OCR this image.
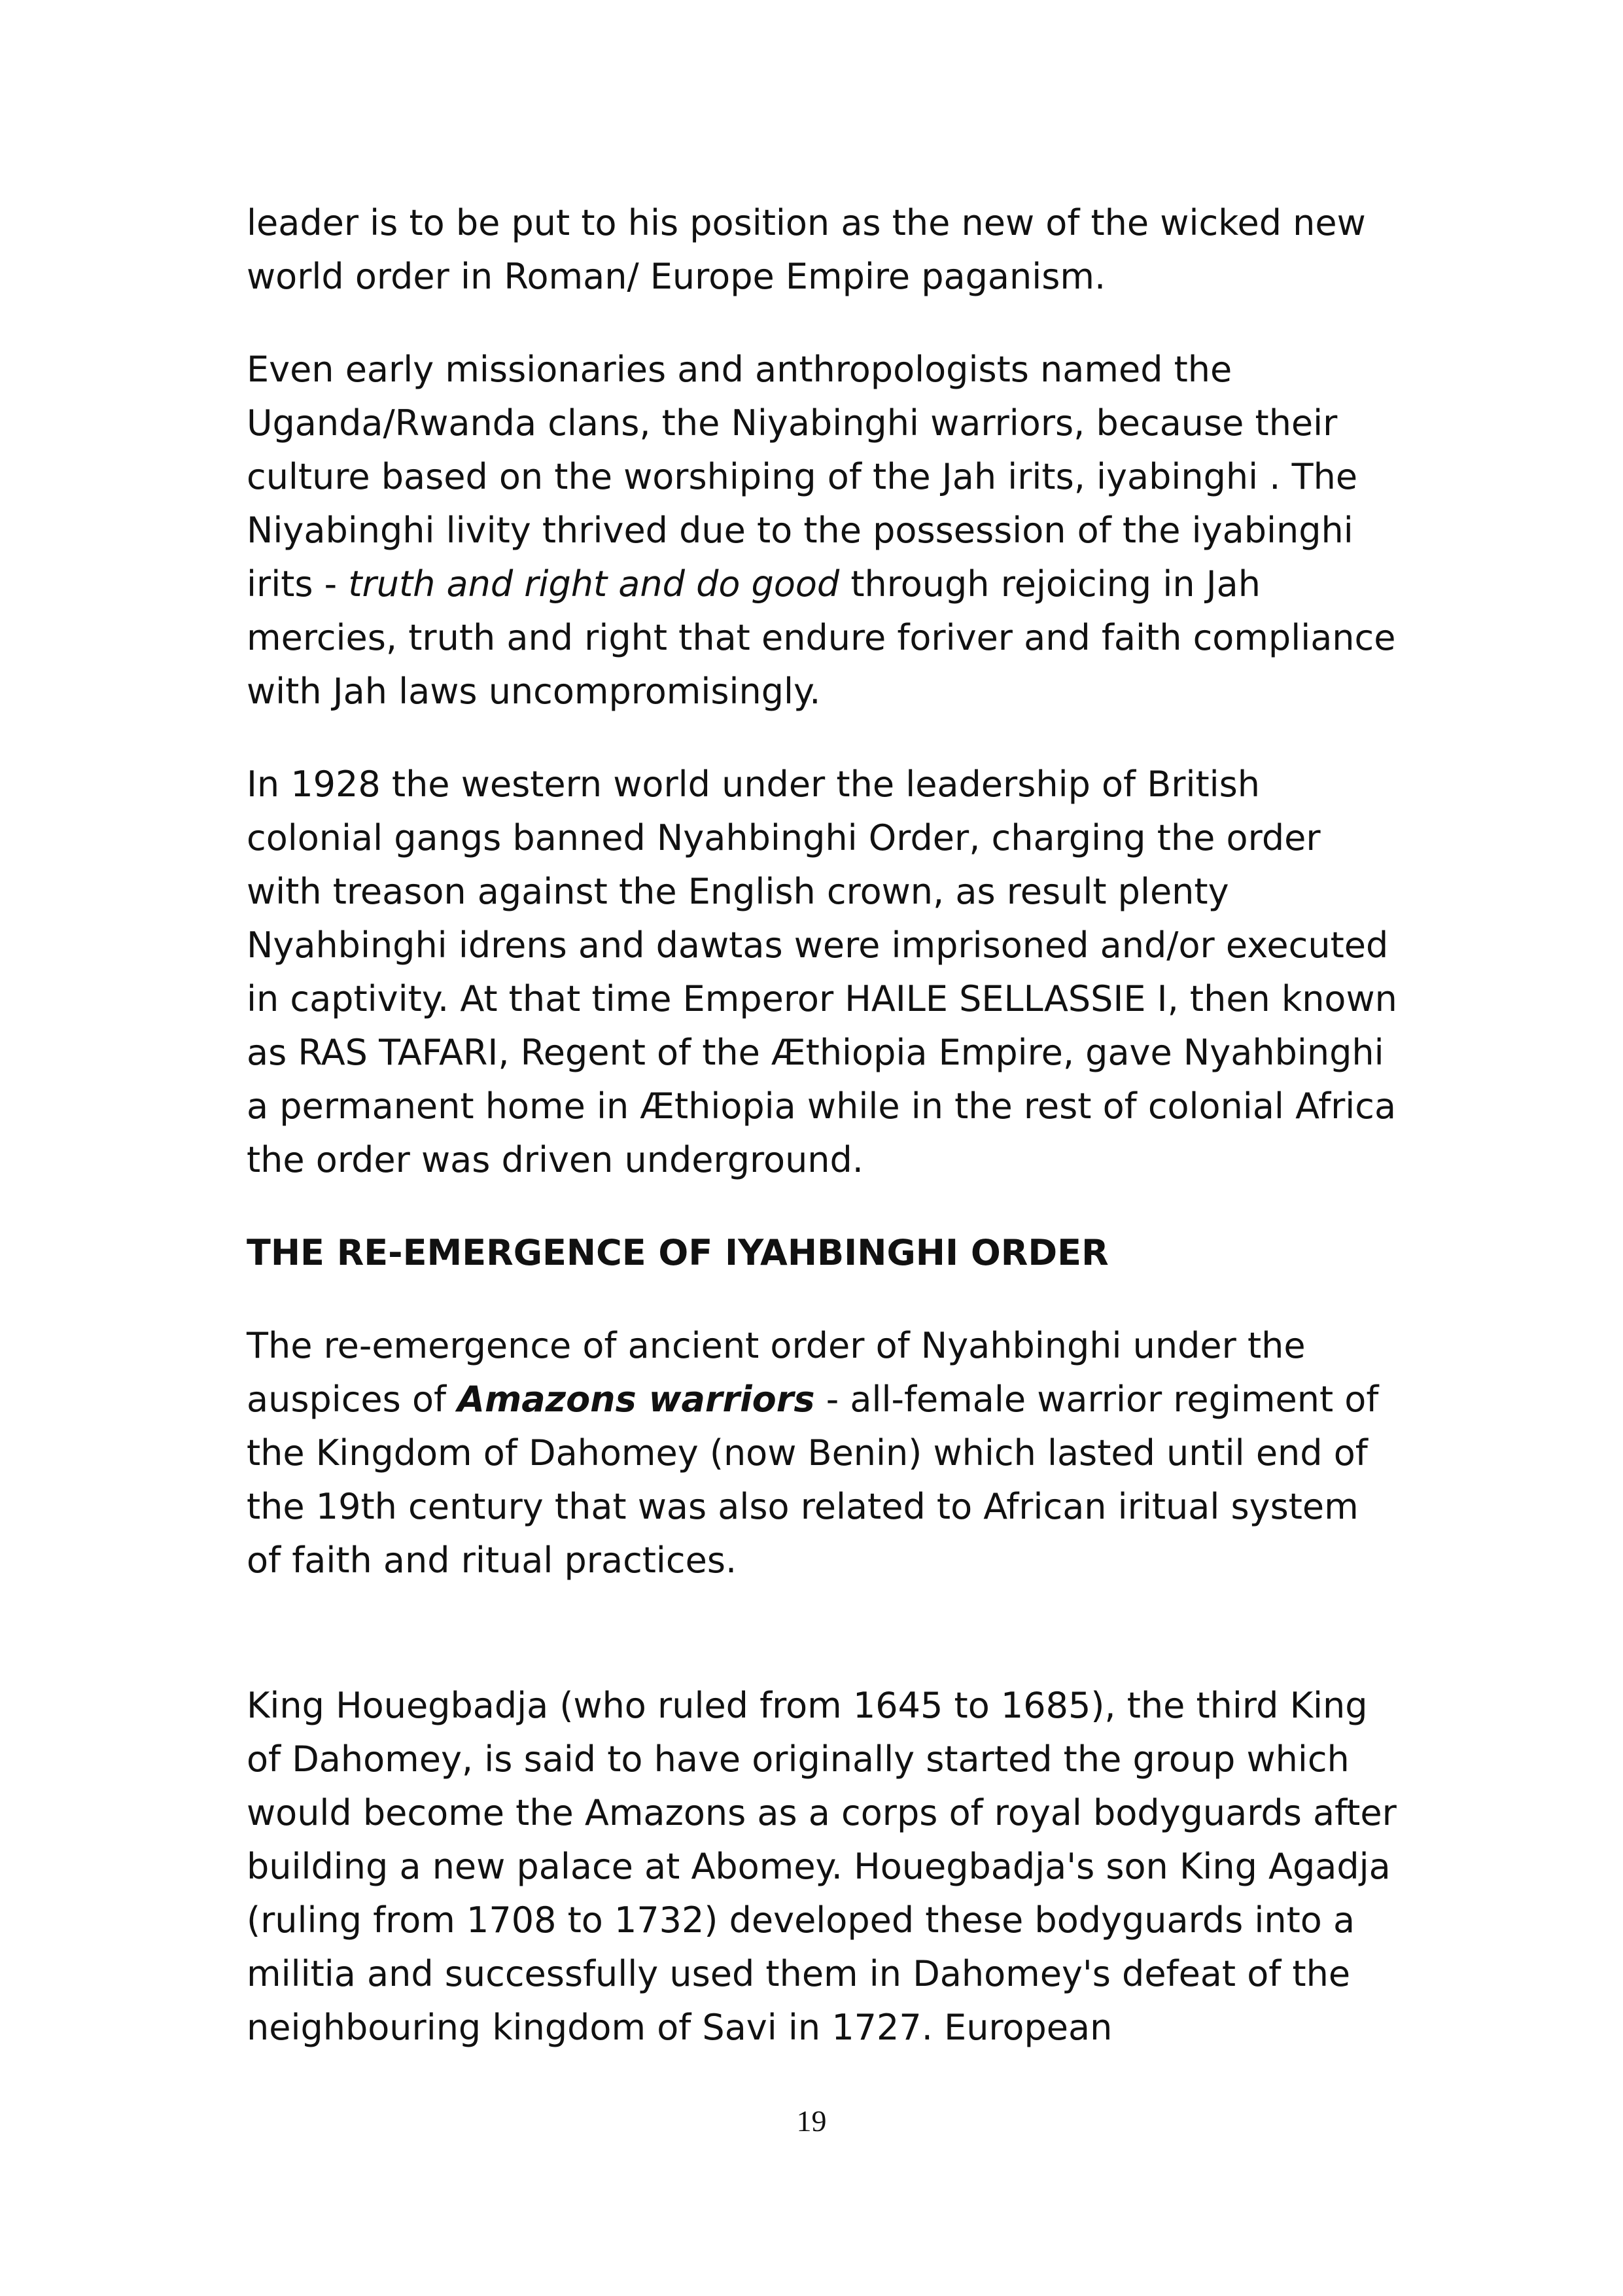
leader is to be put to his position as the new of the wicked new world order in Roman/ Europe Empire paganism.

Even early missionaries and anthropologists named the Uganda/Rwanda clans, the Niyabinghi warriors, because their culture based on the worshiping of the Jah irits, iyabinghi . The Niyabinghi livity thrived due to the possession of the iyabinghi irits - truth and right and do good through rejoicing in Jah mercies, truth and right that endure foriver and faith compliance with Jah laws uncompromisingly.

In 1928 the western world under the leadership of British colonial gangs banned Nyahbinghi Order, charging the order with treason against the English crown, as result plenty Nyahbinghi idrens and dawtas were imprisoned and/or executed in captivity. At that time Emperor HAILE SELLASSIE I, then known as RAS TAFARI, Regent of the Æthiopia Empire, gave Nyahbinghi a permanent home in Æthiopia while in the rest of colonial Africa the order was driven underground.

THE RE-EMERGENCE OF IYAHBINGHI ORDER

The re-emergence of ancient order of Nyahbinghi under the auspices of Amazons warriors - all-female warrior regiment of the Kingdom of Dahomey (now Benin) which lasted until end of the 19th century that was also related to African iritual system of faith and ritual practices.

King Houegbadja (who ruled from 1645 to 1685), the third King of Dahomey, is said to have originally started the group which would become the Amazons as a corps of royal bodyguards after building a new palace at Abomey. Houegbadja's son King Agadja (ruling from 1708 to 1732) developed these bodyguards into a militia and successfully used them in Dahomey's defeat of the neighbouring kingdom of Savi in 1727. European

19
